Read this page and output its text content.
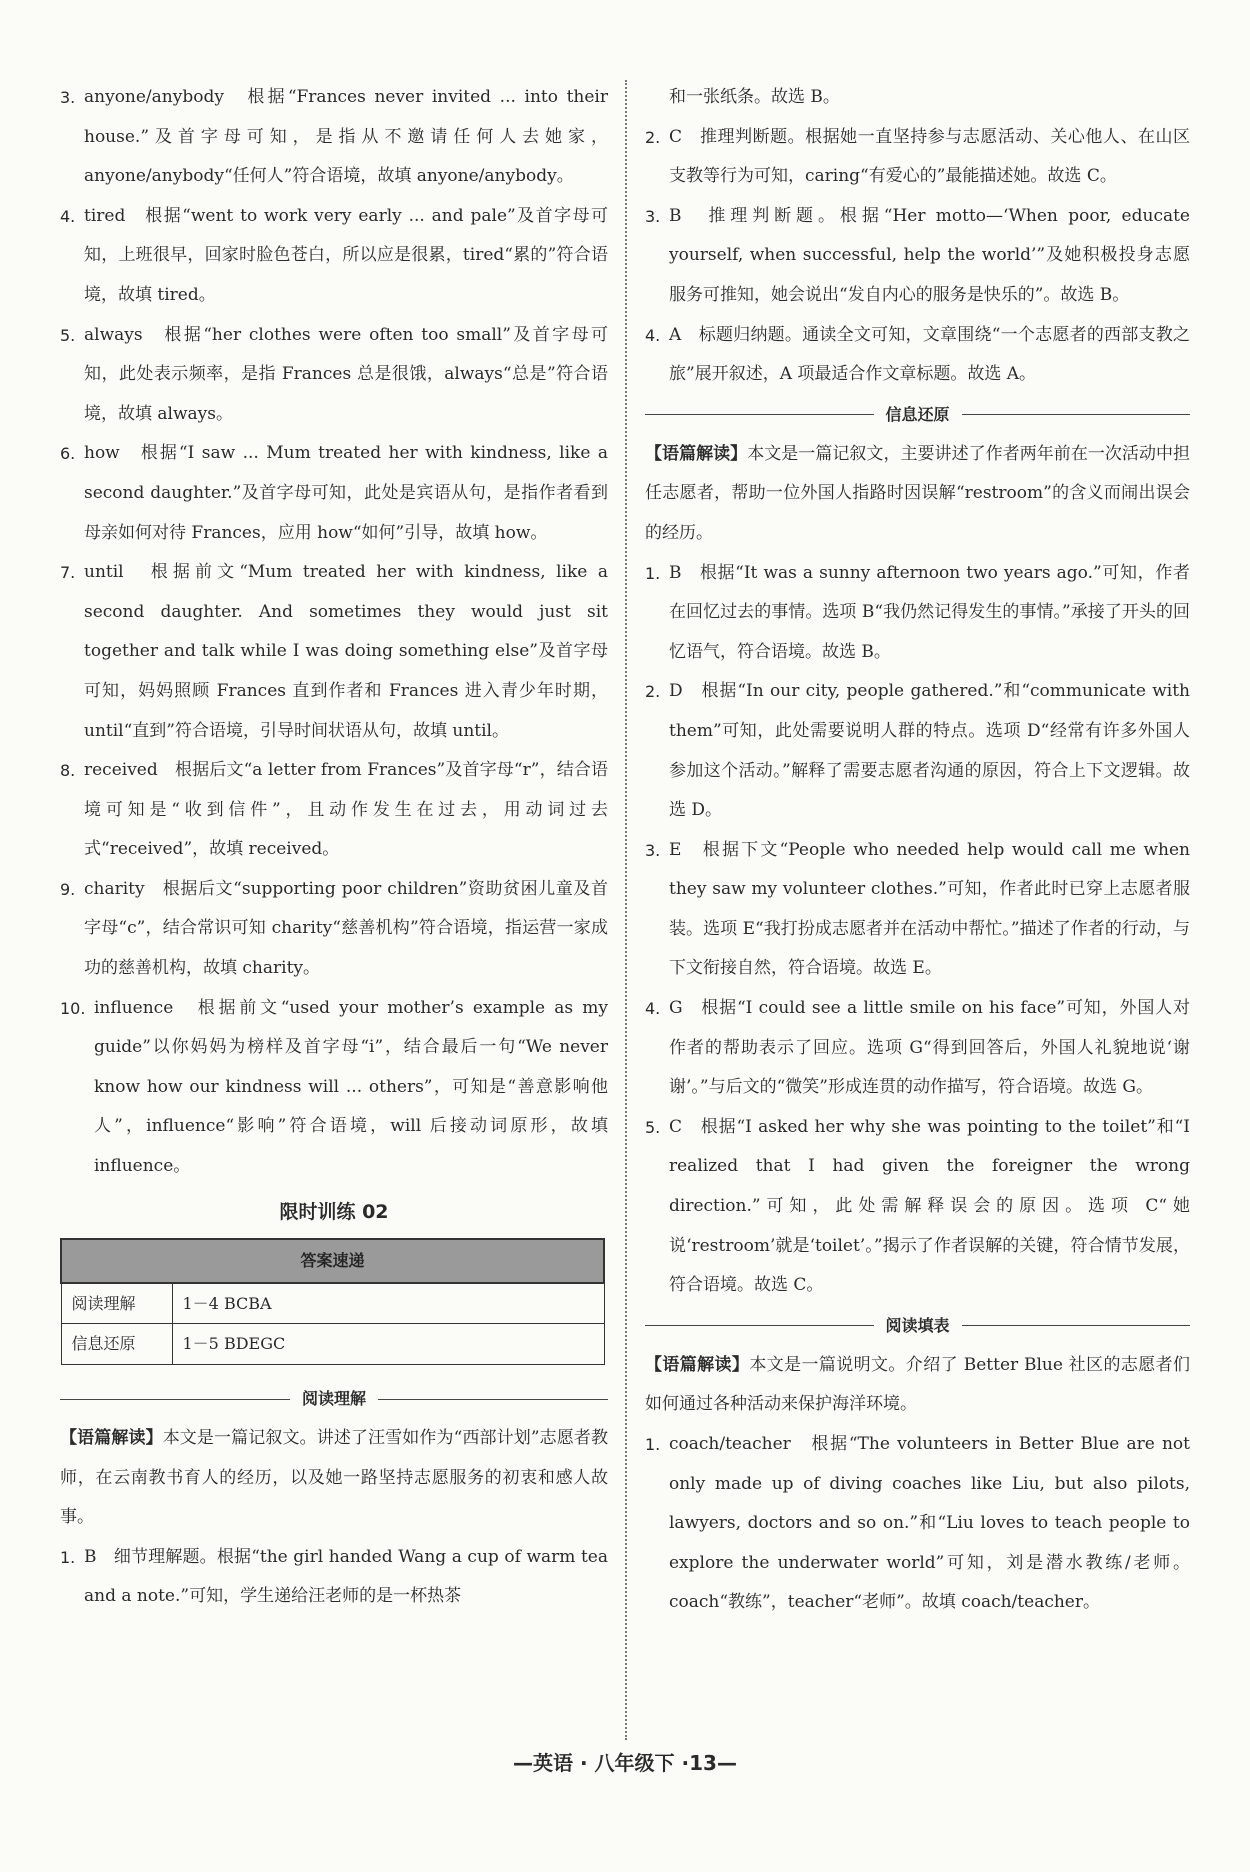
3. anyone/anybody　根据“Frances never invited ... into their house.”及首字母可知，是指从不邀请任何人去她家，anyone/anybody“任何人”符合语境，故填 anyone/anybody。
4. tired　根据“went to work very early ... and pale”及首字母可知，上班很早，回家时脸色苍白，所以应是很累，tired“累的”符合语境，故填 tired。
5. always　根据“her clothes were often too small”及首字母可知，此处表示频率，是指 Frances 总是很饿，always“总是”符合语境，故填 always。
6. how　根据“I saw ... Mum treated her with kindness, like a second daughter.”及首字母可知，此处是宾语从句，是指作者看到母亲如何对待 Frances，应用 how“如何”引导，故填 how。
7. until　根据前文“Mum treated her with kindness, like a second daughter. And sometimes they would just sit together and talk while I was doing something else”及首字母可知，妈妈照顾 Frances 直到作者和 Frances 进入青少年时期，until“直到”符合语境，引导时间状语从句，故填 until。
8. received　根据后文“a letter from Frances”及首字母“r”，结合语境可知是“收到信件”，且动作发生在过去，用动词过去式“received”，故填 received。
9. charity　根据后文“supporting poor children”资助贫困儿童及首字母“c”，结合常识可知 charity“慈善机构”符合语境，指运营一家成功的慈善机构，故填 charity。
10. influence　根据前文“used your mother’s example as my guide”以你妈妈为榜样及首字母“i”，结合最后一句“We never know how our kindness will ... others”，可知是“善意影响他人”，influence“影响”符合语境，will 后接动词原形，故填 influence。
限时训练 02
答案速递	
阅读理解	1－4 BCBA
信息还原	1－5 BDEGC
阅读理解
【语篇解读】本文是一篇记叙文。讲述了汪雪如作为“西部计划”志愿者教师，在云南教书育人的经历，以及她一路坚持志愿服务的初衷和感人故事。
1. B　细节理解题。根据“the girl handed Wang a cup of warm tea and a note.”可知，学生递给汪老师的是一杯热茶
和一张纸条。故选 B。
2. C　推理判断题。根据她一直坚持参与志愿活动、关心他人、在山区支教等行为可知，caring“有爱心的”最能描述她。故选 C。
3. B　推理判断题。根据“Her motto—‘When poor, educate yourself, when successful, help the world’”及她积极投身志愿服务可推知，她会说出“发自内心的服务是快乐的”。故选 B。
4. A　标题归纳题。通读全文可知，文章围绕“一个志愿者的西部支教之旅”展开叙述，A 项最适合作文章标题。故选 A。
信息还原
【语篇解读】本文是一篇记叙文，主要讲述了作者两年前在一次活动中担任志愿者，帮助一位外国人指路时因误解“restroom”的含义而闹出误会的经历。
1. B　根据“It was a sunny afternoon two years ago.”可知，作者在回忆过去的事情。选项 B“我仍然记得发生的事情。”承接了开头的回忆语气，符合语境。故选 B。
2. D　根据“In our city, people gathered.”和“communicate with them”可知，此处需要说明人群的特点。选项 D“经常有许多外国人参加这个活动。”解释了需要志愿者沟通的原因，符合上下文逻辑。故选 D。
3. E　根据下文“People who needed help would call me when they saw my volunteer clothes.”可知，作者此时已穿上志愿者服装。选项 E“我打扮成志愿者并在活动中帮忙。”描述了作者的行动，与下文衔接自然，符合语境。故选 E。
4. G　根据“I could see a little smile on his face”可知，外国人对作者的帮助表示了回应。选项 G“得到回答后，外国人礼貌地说‘谢谢’。”与后文的“微笑”形成连贯的动作描写，符合语境。故选 G。
5. C　根据“I asked her why she was pointing to the toilet”和“I realized that I had given the foreigner the wrong direction.”可知，此处需解释误会的原因。选项 C“她说‘restroom’就是‘toilet’。”揭示了作者误解的关键，符合情节发展，符合语境。故选 C。
阅读填表
【语篇解读】本文是一篇说明文。介绍了 Better Blue 社区的志愿者们如何通过各种活动来保护海洋环境。
1. coach/teacher　根据“The volunteers in Better Blue are not only made up of diving coaches like Liu, but also pilots, lawyers, doctors and so on.”和“Liu loves to teach people to explore the underwater world”可知，刘是潜水教练/老师。coach“教练”，teacher“老师”。故填 coach/teacher。
—英语 · 八年级下 ·13—
